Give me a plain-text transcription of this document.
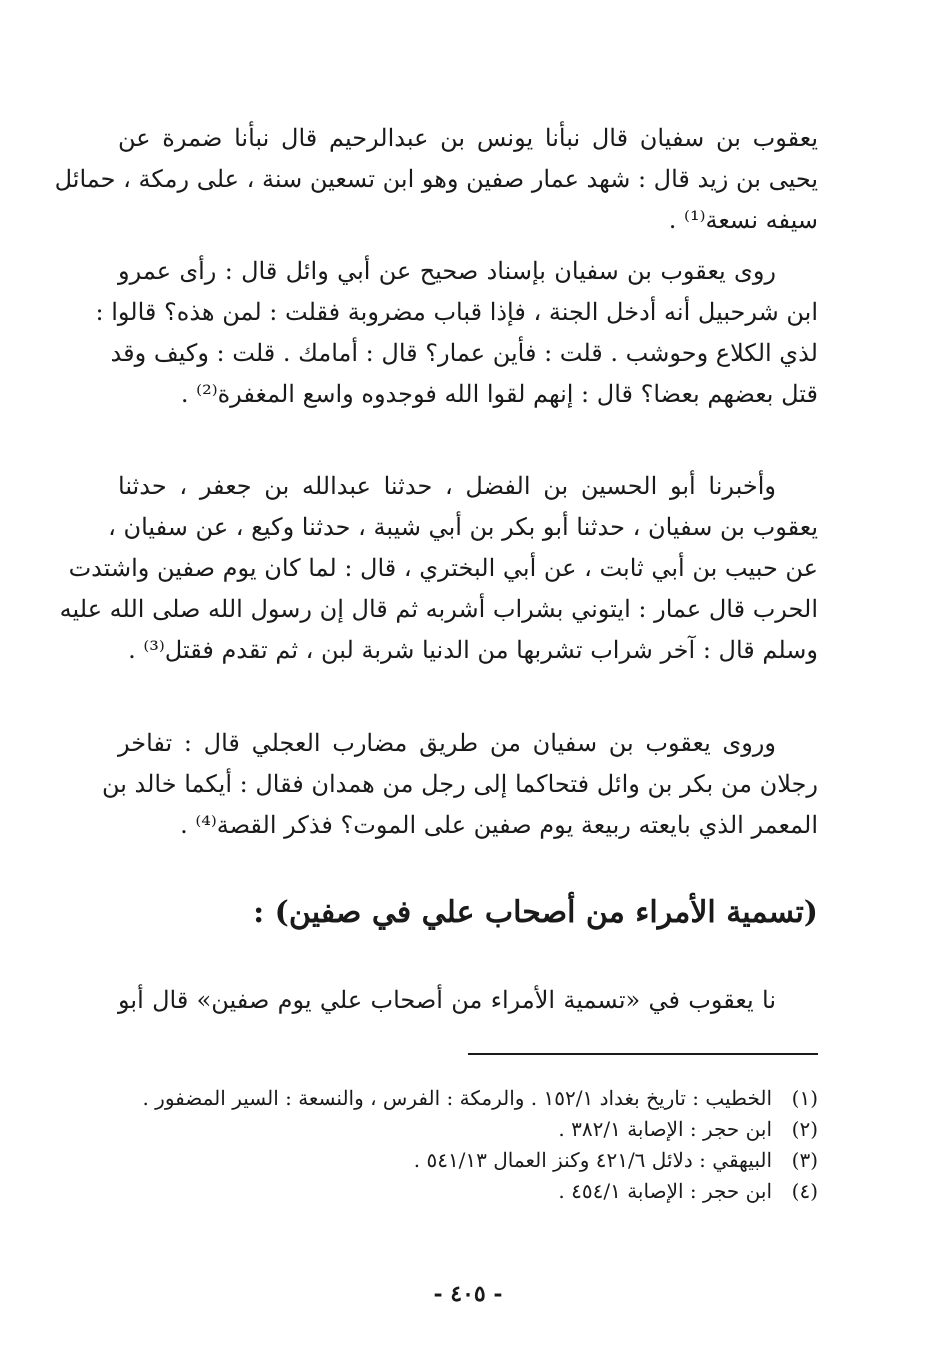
يعقوب بن سفيان قال نبأنا يونس بن عبدالرحيم قال نبأنا ضمرة عن
يحيى بن زيد قال : شهد عمار صفين وهو ابن تسعين سنة ، على رمكة ، حمائل
سيفه نسعة⁽¹⁾ .

روى يعقوب بن سفيان بإسناد صحيح عن أبي وائل قال : رأى عمرو
ابن شرحبيل أنه أدخل الجنة ، فإذا قباب مضروبة فقلت : لمن هذه؟ قالوا :
لذي الكلاع وحوشب . قلت : فأين عمار؟ قال : أمامك . قلت : وكيف وقد
قتل بعضهم بعضا؟ قال : إنهم لقوا الله فوجدوه واسع المغفرة⁽²⁾ .

وأخبرنا أبو الحسين بن الفضل ، حدثنا عبدالله بن جعفر ، حدثنا
يعقوب بن سفيان ، حدثنا أبو بكر بن أبي شيبة ، حدثنا وكيع ، عن سفيان ،
عن حبيب بن أبي ثابت ، عن أبي البختري ، قال : لما كان يوم صفين واشتدت
الحرب قال عمار : ايتوني بشراب أشربه ثم قال إن رسول الله صلى الله عليه
وسلم قال : آخر شراب تشربها من الدنيا شربة لبن ، ثم تقدم فقتل⁽³⁾ .

وروى يعقوب بن سفيان من طريق مضارب العجلي قال : تفاخر
رجلان من بكر بن وائل فتحاكما إلى رجل من همدان فقال : أيكما خالد بن
المعمر الذي بايعته ربيعة يوم صفين على الموت؟ فذكر القصة⁽⁴⁾ .

(تسمية الأمراء من أصحاب علي في صفين) :

نا يعقوب في «تسمية الأمراء من أصحاب علي يوم صفين» قال أبو

(١)الخطيب : تاريخ بغداد ١٥٢/١ . والرمكة : الفرس ، والنسعة : السير المضفور .
(٢)ابن حجر : الإصابة ٣٨٢/١ .
(٣)البيهقي : دلائل ٤٢١/٦ وكنز العمال ٥٤١/١٣ .
(٤)ابن حجر : الإصابة ٤٥٤/١ .
- ٤٠٥ -
